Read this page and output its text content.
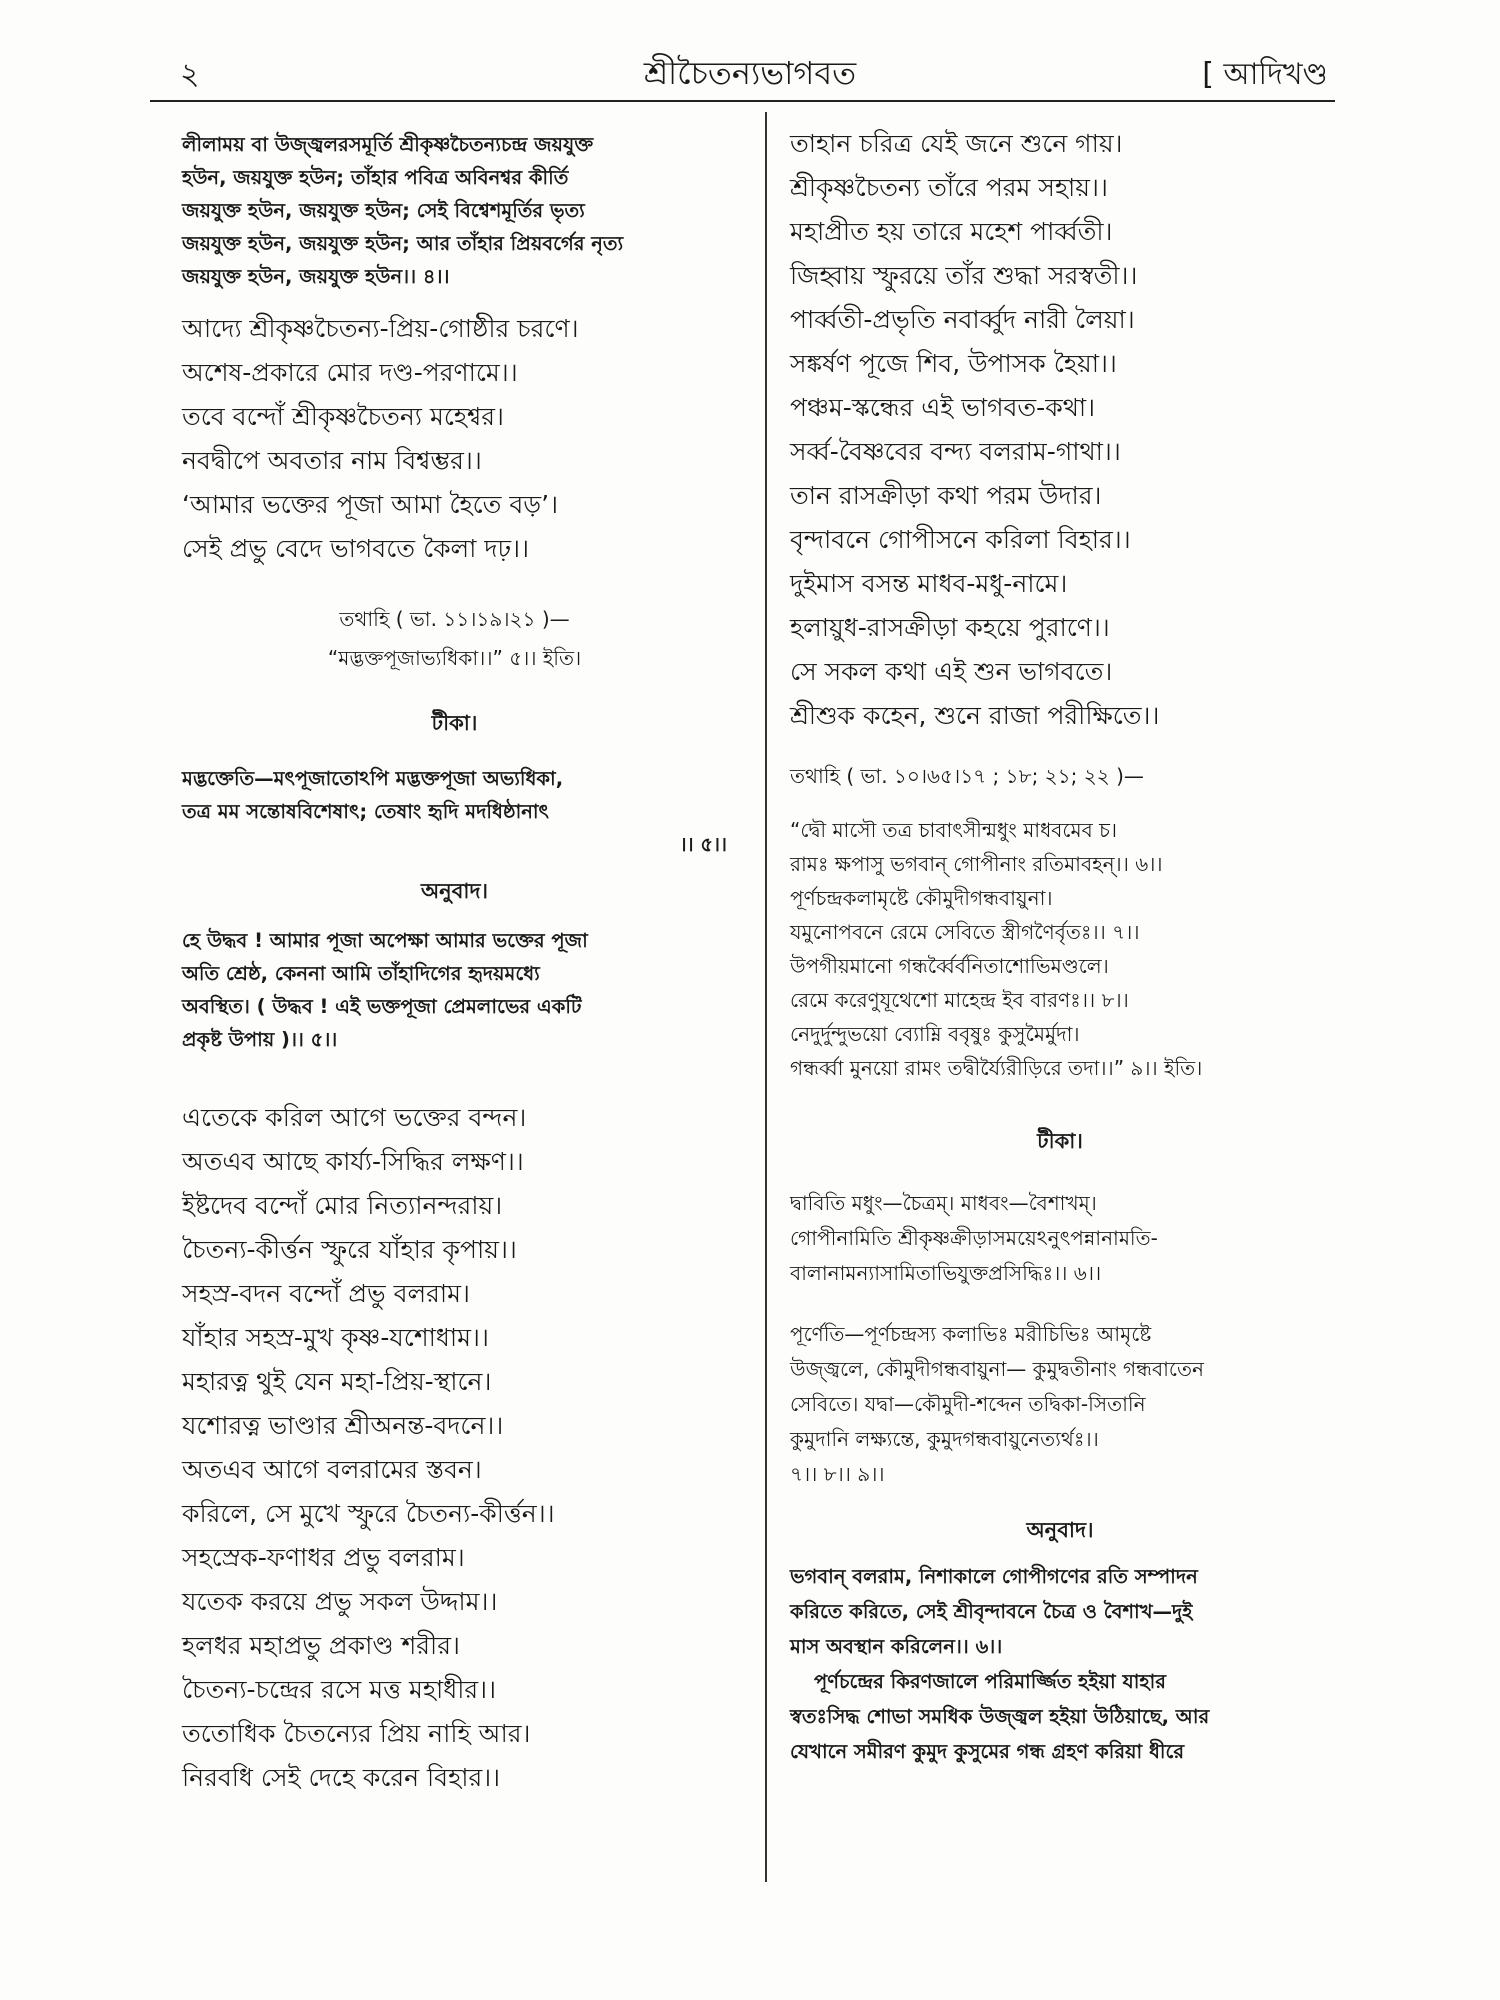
২	শ্রীচৈতন্যভাগবত	[ আদিখণ্ড
লীলাময় বা উজ্জ্বলরসমূর্তি শ্রীকৃষ্ণচৈতন্যচন্দ্র জয়যুক্ত
হউন, জয়যুক্ত হউন; তাঁহার পবিত্র অবিনশ্বর কীর্তি
জয়যুক্ত হউন, জয়যুক্ত হউন; সেই বিশ্বেশমূর্তির ভৃত্য
জয়যুক্ত হউন, জয়যুক্ত হউন; আর তাঁহার প্রিয়বর্গের নৃত্য
জয়যুক্ত হউন, জয়যুক্ত হউন।। ৪।।
আদ্যে শ্রীকৃষ্ণচৈতন্য-প্রিয়-গোষ্ঠীর চরণে।
অশেষ-প্রকারে মোর দণ্ড-পরণামে।।
তবে বন্দোঁ শ্রীকৃষ্ণচৈতন্য মহেশ্বর।
নবদ্বীপে অবতার নাম বিশ্বম্ভর।।
‘আমার ভক্তের পূজা আমা হৈতে বড়’।
সেই প্রভু বেদে ভাগবতে কৈলা দঢ়।।
তথাহি ( ভা. ১১।১৯।২১ )—
“মদ্ভক্তপূজাভ্যধিকা।।” ৫।। ইতি।
টীকা।
মদ্ভক্তেতি—মৎপূজাতোঽপি মদ্ভক্তপূজা অভ্যধিকা,
তত্র মম সন্তোষবিশেষাৎ; তেষাং হৃদি মদধিষ্ঠানাৎ
।। ৫।।
অনুবাদ।
হে উদ্ধব ! আমার পূজা অপেক্ষা আমার ভক্তের পূজা
অতি শ্রেষ্ঠ, কেননা আমি তাঁহাদিগের হৃদয়মধ্যে
অবস্থিত। ( উদ্ধব ! এই ভক্তপূজা প্রেমলাভের একটি
প্রকৃষ্ট উপায় )।। ৫।।
এতেকে করিল আগে ভক্তের বন্দন।
অতএব আছে কার্য্য-সিদ্ধির লক্ষণ।।
ইষ্টদেব বন্দোঁ মোর নিত্যানন্দরায়।
চৈতন্য-কীর্ত্তন স্ফুরে যাঁহার কৃপায়।।
সহস্র-বদন বন্দোঁ প্রভু বলরাম।
যাঁহার সহস্র-মুখ কৃষ্ণ-যশোধাম।।
মহারত্ন থুই যেন মহা-প্রিয়-স্থানে।
যশোরত্ন ভাণ্ডার শ্রীঅনন্ত-বদনে।।
অতএব আগে বলরামের স্তবন।
করিলে, সে মুখে স্ফুরে চৈতন্য-কীর্ত্তন।।
সহস্রেক-ফণাধর প্রভু বলরাম।
যতেক করয়ে প্রভু সকল উদ্দাম।।
হলধর মহাপ্রভু প্রকাণ্ড শরীর।
চৈতন্য-চন্দ্রের রসে মত্ত মহাধীর।।
ততোধিক চৈতন্যের প্রিয় নাহি আর।
নিরবধি সেই দেহে করেন বিহার।।
তাহান চরিত্র যেই জনে শুনে গায়।
শ্রীকৃষ্ণচৈতন্য তাঁরে পরম সহায়।।
মহাপ্রীত হয় তারে মহেশ পার্ব্বতী।
জিহ্বায় স্ফুরয়ে তাঁর শুদ্ধা সরস্বতী।।
পার্ব্বতী-প্রভৃতি নবার্ব্বুদ নারী লৈয়া।
সঙ্কর্ষণ পূজে শিব, উপাসক হৈয়া।।
পঞ্চম-স্কন্ধের এই ভাগবত-কথা।
সর্ব্ব-বৈষ্ণবের বন্দ্য বলরাম-গাথা।।
তান রাসক্রীড়া কথা পরম উদার।
বৃন্দাবনে গোপীসনে করিলা বিহার।।
দুইমাস বসন্ত মাধব-মধু-নামে।
হলায়ুধ-রাসক্রীড়া কহয়ে পুরাণে।।
সে সকল কথা এই শুন ভাগবতে।
শ্রীশুক কহেন, শুনে রাজা পরীক্ষিতে।।
তথাহি ( ভা. ১০।৬৫।১৭ ; ১৮; ২১; ২২ )—
“দ্বৌ মাসৌ তত্র চাবাৎসীন্মধুং মাধবমেব চ।
রামঃ ক্ষপাসু ভগবান্ গোপীনাং রতিমাবহন্।। ৬।।
পূর্ণচন্দ্রকলামৃষ্টে কৌমুদীগন্ধবায়ুনা।
যমুনোপবনে রেমে সেবিতে স্ত্রীগণৈর্বৃতঃ।। ৭।।
উপগীয়মানো গন্ধর্ব্বৈর্বনিতাশোভিমণ্ডলে।
রেমে করেণুযূথেশো মাহেন্দ্র ইব বারণঃ।। ৮।।
নেদুর্দুন্দুভয়ো ব্যোম্নি ববৃষুঃ কুসুমৈর্মুদা।
গন্ধর্ব্বা মুনয়ো রামং তদ্বীর্য্যৈরীড়িরে তদা।।” ৯।। ইতি।
টীকা।
দ্বাবিতি মধুং—চৈত্রম্। মাধবং—বৈশাখম্।
গোপীনামিতি শ্রীকৃষ্ণক্রীড়াসময়েঽনুৎপন্নানামতি-
বালানামন্যাসামিতাভিযুক্তপ্রসিদ্ধিঃ।। ৬।।
পূর্ণেতি—পূর্ণচন্দ্রস্য কলাভিঃ মরীচিভিঃ আমৃষ্টে
উজ্জ্বলে, কৌমুদীগন্ধবায়ুনা— কুমুদ্বতীনাং গন্ধবাতেন
সেবিতে। যদ্বা—কৌমুদী-শব্দেন তদ্বিকা-সিতানি
কুমুদানি লক্ষ্যন্তে, কুমুদগন্ধবায়ুনেত্যর্থঃ।।
৭।। ৮।। ৯।।
অনুবাদ।
ভগবান্ বলরাম, নিশাকালে গোপীগণের রতি সম্পাদন
করিতে করিতে, সেই শ্রীবৃন্দাবনে চৈত্র ও বৈশাখ—দুই
মাস অবস্থান করিলেন।। ৬।।
পূর্ণচন্দ্রের কিরণজালে পরিমার্জ্জিত হইয়া যাহার
স্বতঃসিদ্ধ শোভা সমধিক উজ্জ্বল হইয়া উঠিয়াছে, আর
যেখানে সমীরণ কুমুদ কুসুমের গন্ধ গ্রহণ করিয়া ধীরে
